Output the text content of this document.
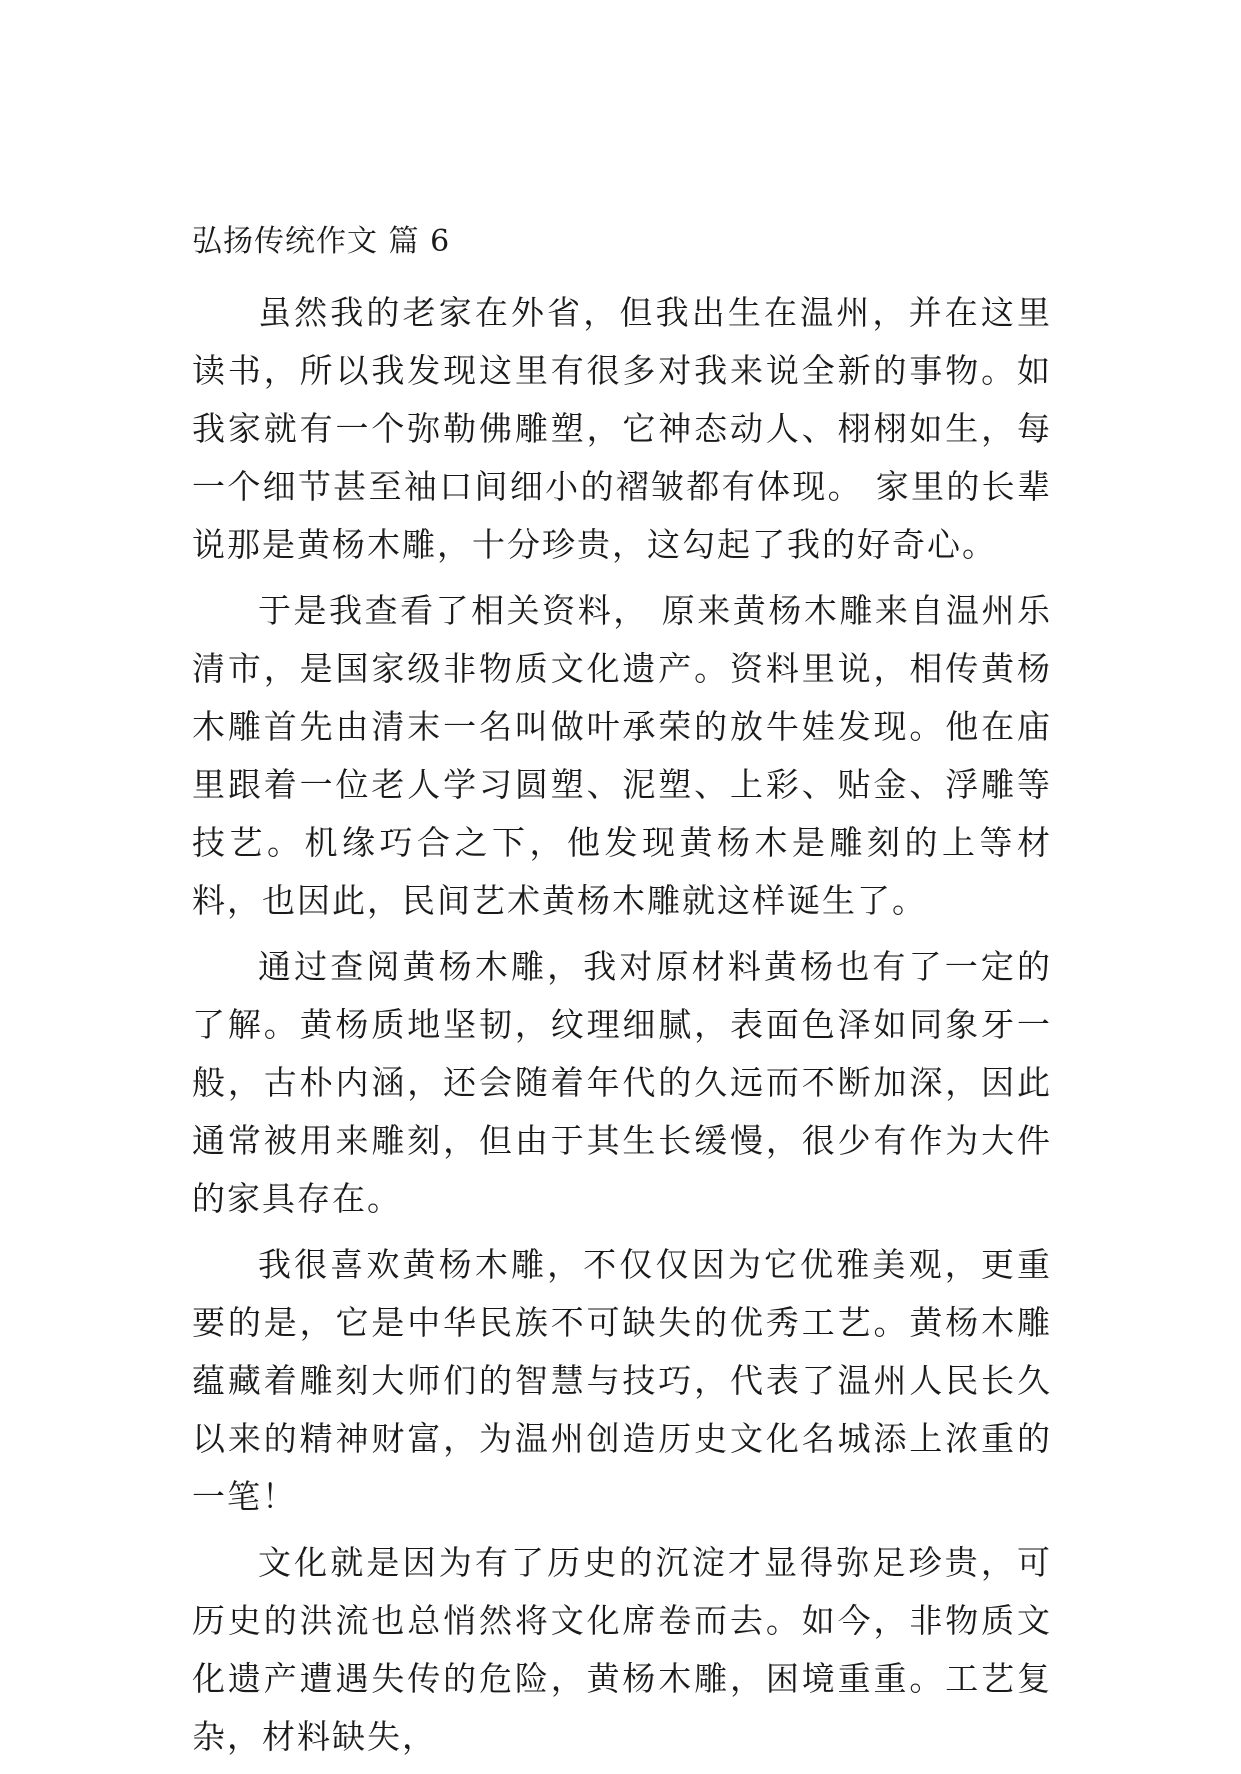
弘扬传统作文 篇 6

虽然我的老家在外省，但我出生在温州，并在这里读书，所以我发现这里有很多对我来说全新的事物。如我家就有一个弥勒佛雕塑，它神态动人、栩栩如生，每一个细节甚至袖口间细小的褶皱都有体现。 家里的长辈说那是黄杨木雕，十分珍贵，这勾起了我的好奇心。

于是我查看了相关资料， 原来黄杨木雕来自温州乐清市，是国家级非物质文化遗产。资料里说，相传黄杨木雕首先由清末一名叫做叶承荣的放牛娃发现。他在庙里跟着一位老人学习圆塑、泥塑、上彩、贴金、浮雕等技艺。机缘巧合之下，他发现黄杨木是雕刻的上等材料，也因此，民间艺术黄杨木雕就这样诞生了。

通过查阅黄杨木雕，我对原材料黄杨也有了一定的了解。黄杨质地坚韧，纹理细腻，表面色泽如同象牙一般，古朴内涵，还会随着年代的久远而不断加深，因此通常被用来雕刻，但由于其生长缓慢，很少有作为大件的家具存在。

我很喜欢黄杨木雕，不仅仅因为它优雅美观，更重要的是，它是中华民族不可缺失的优秀工艺。黄杨木雕蕴藏着雕刻大师们的智慧与技巧，代表了温州人民长久以来的精神财富，为温州创造历史文化名城添上浓重的一笔！

文化就是因为有了历史的沉淀才显得弥足珍贵，可历史的洪流也总悄然将文化席卷而去。如今，非物质文化遗产遭遇失传的危险，黄杨木雕，困境重重。工艺复杂，材料缺失，
